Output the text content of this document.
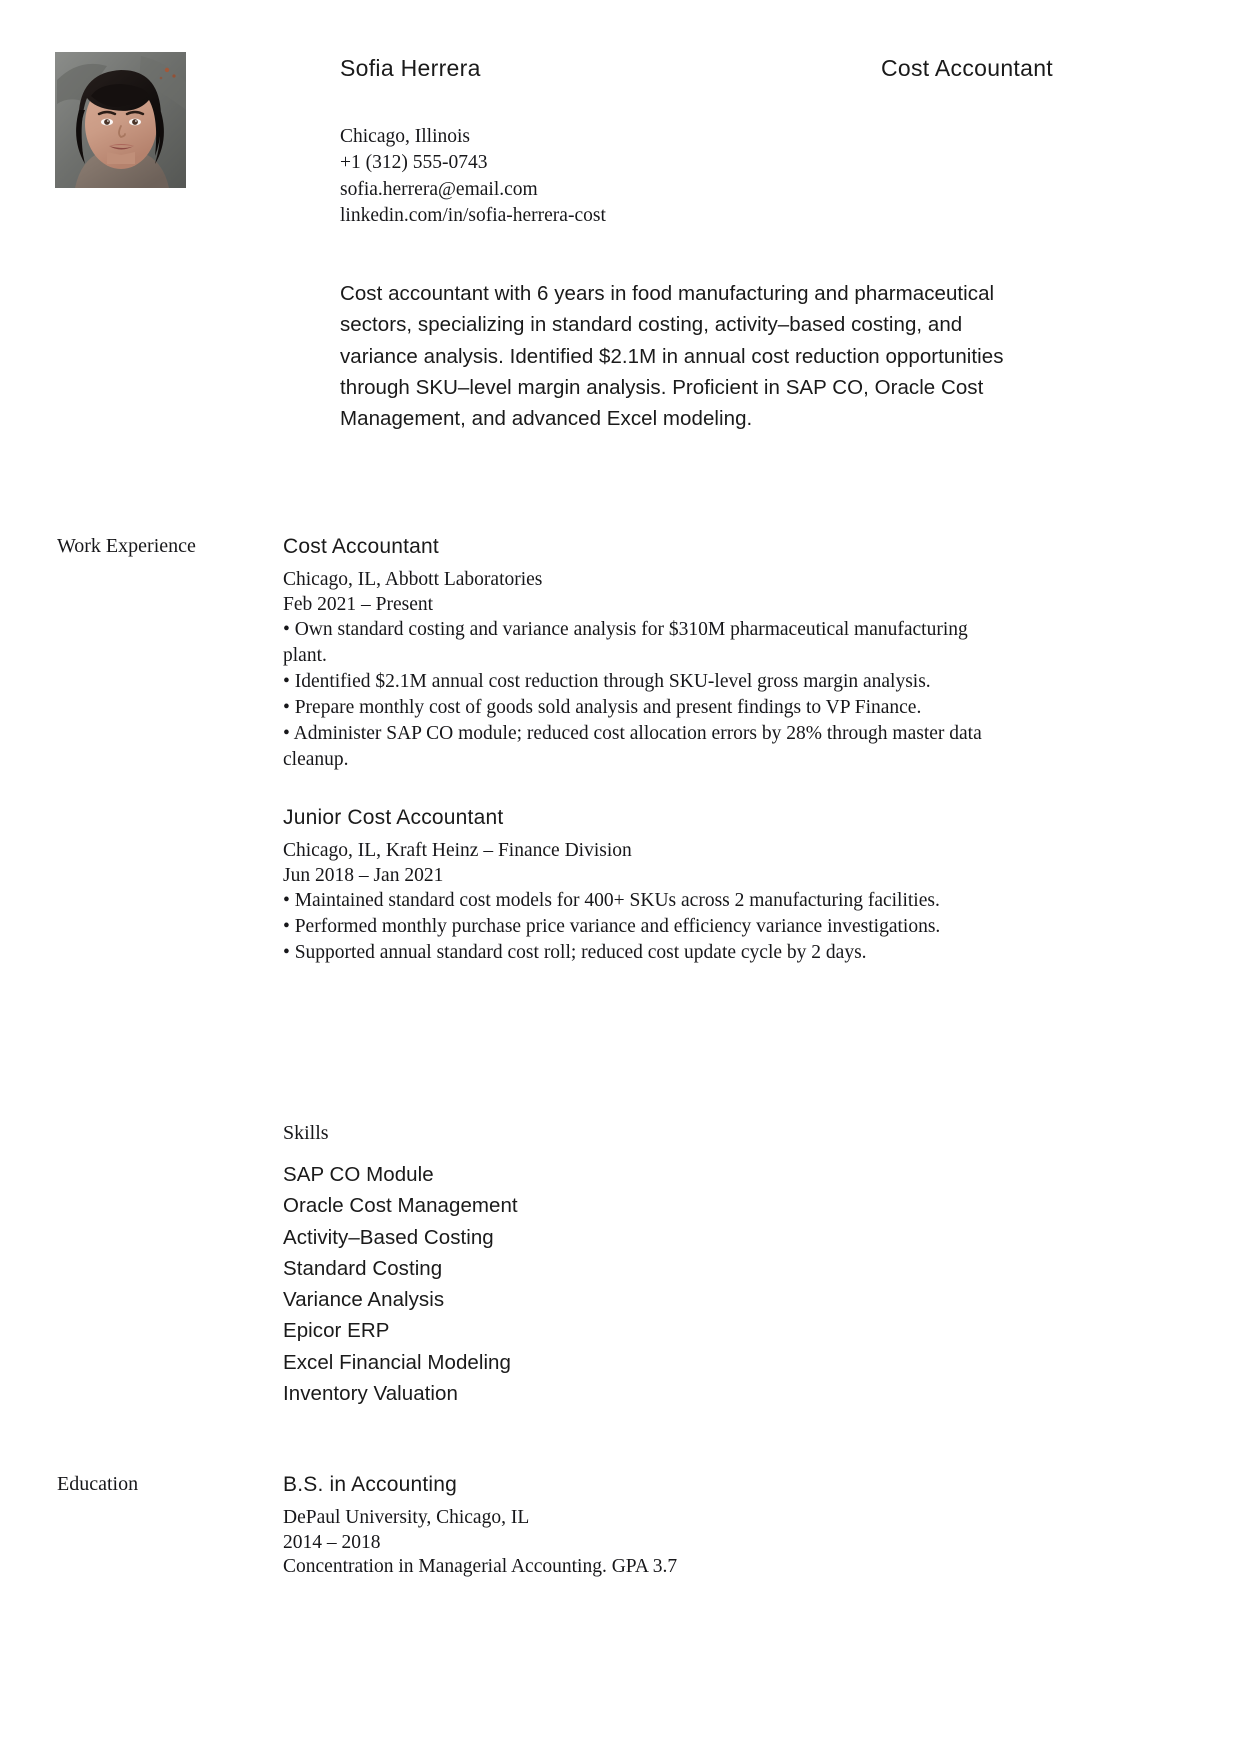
Sofia Herrera	Cost Accountant
Chicago, Illinois
+1 (312) 555-0743
sofia.herrera@email.com
linkedin.com/in/sofia-herrera-cost
Cost accountant with 6 years in food manufacturing and pharmaceutical sectors, specializing in standard costing, activity–based costing, and variance analysis. Identified $2.1M in annual cost reduction opportunities through SKU–level margin analysis. Proficient in SAP CO, Oracle Cost Management, and advanced Excel modeling.
Work Experience	Cost Accountant
Chicago, IL, Abbott Laboratories
Feb 2021 – Present
• Own standard costing and variance analysis for $310M pharmaceutical manufacturing plant.
• Identified $2.1M annual cost reduction through SKU-level gross margin analysis.
• Prepare monthly cost of goods sold analysis and present findings to VP Finance.
• Administer SAP CO module; reduced cost allocation errors by 28% through master data cleanup.
Junior Cost Accountant
Chicago, IL, Kraft Heinz – Finance Division
Jun 2018 – Jan 2021
• Maintained standard cost models for 400+ SKUs across 2 manufacturing facilities.
• Performed monthly purchase price variance and efficiency variance investigations.
• Supported annual standard cost roll; reduced cost update cycle by 2 days.
Skills
SAP CO Module
Oracle Cost Management
Activity–Based Costing
Standard Costing
Variance Analysis
Epicor ERP
Excel Financial Modeling
Inventory Valuation
Education	B.S. in Accounting
DePaul University, Chicago, IL
2014 – 2018
Concentration in Managerial Accounting. GPA 3.7
